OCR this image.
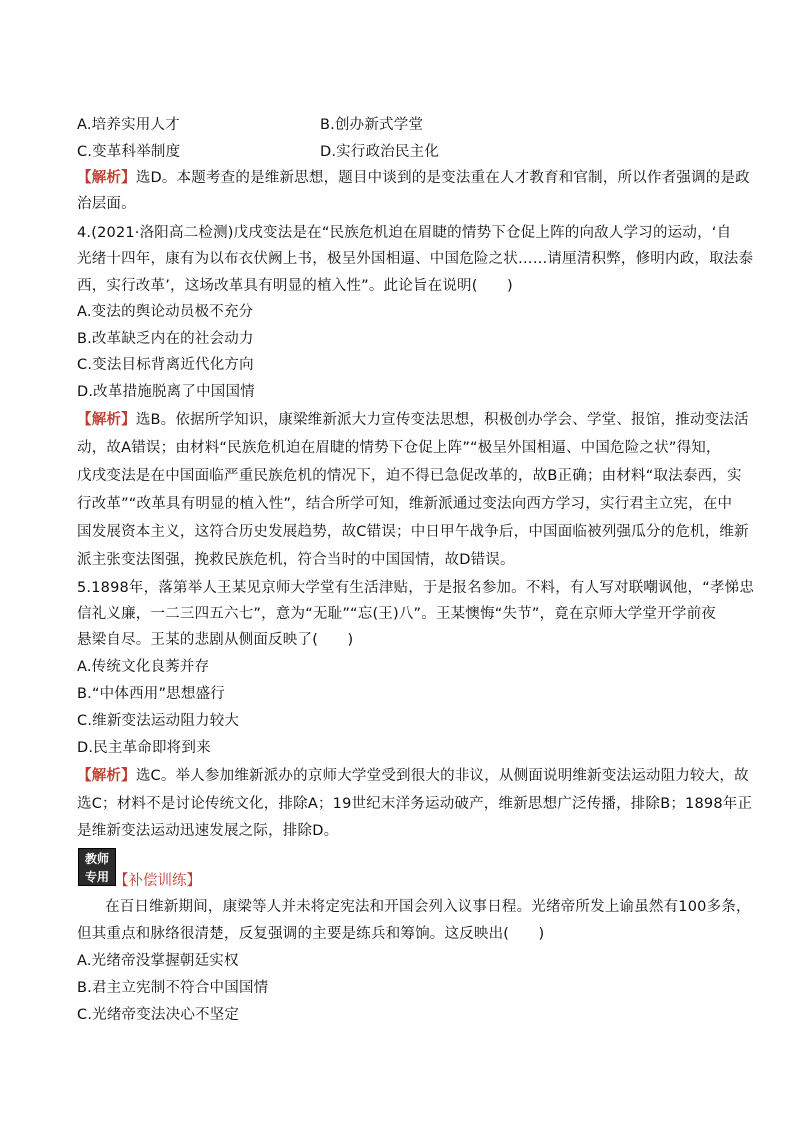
A.培养实用人才	B.创办新式学堂
C.变革科举制度	D.实行政治民主化
【解析】选D。本题考查的是维新思想，题目中谈到的是变法重在人才教育和官制，所以作者强调的是政
治层面。
4.(2021·洛阳高二检测)戊戌变法是在“民族危机迫在眉睫的情势下仓促上阵的向敌人学习的运动，‘自
光绪十四年，康有为以布衣伏阙上书，极呈外国相逼、中国危险之状……请厘清积弊，修明内政，取法泰
西，实行改革’，这场改革具有明显的植入性”。此论旨在说明(　　)
A.变法的舆论动员极不充分
B.改革缺乏内在的社会动力
C.变法目标背离近代化方向
D.改革措施脱离了中国国情
【解析】选B。依据所学知识，康梁维新派大力宣传变法思想，积极创办学会、学堂、报馆，推动变法活
动，故A错误；由材料“民族危机迫在眉睫的情势下仓促上阵”“极呈外国相逼、中国危险之状”得知，
戊戌变法是在中国面临严重民族危机的情况下，迫不得已急促改革的，故B正确；由材料“取法泰西，实
行改革”“改革具有明显的植入性”，结合所学可知，维新派通过变法向西方学习，实行君主立宪，在中
国发展资本主义，这符合历史发展趋势，故C错误；中日甲午战争后，中国面临被列强瓜分的危机，维新
派主张变法图强，挽救民族危机，符合当时的中国国情，故D错误。
5.1898年，落第举人王某见京师大学堂有生活津贴，于是报名参加。不料，有人写对联嘲讽他，“孝悌忠
信礼义廉，一二三四五六七”，意为“无耻”“忘(王)八”。王某懊悔“失节”，竟在京师大学堂开学前夜
悬梁自尽。王某的悲剧从侧面反映了(　　)
A.传统文化良莠并存
B.“中体西用”思想盛行
C.维新变法运动阻力较大
D.民主革命即将到来
【解析】选C。举人参加维新派办的京师大学堂受到很大的非议，从侧面说明维新变法运动阻力较大，故
选C；材料不是讨论传统文化，排除A；19世纪末洋务运动破产，维新思想广泛传播，排除B；1898年正
是维新变法运动迅速发展之际，排除D。
教师
专用 【补偿训练】
在百日维新期间，康梁等人并未将定宪法和开国会列入议事日程。光绪帝所发上谕虽然有100多条，
但其重点和脉络很清楚，反复强调的主要是练兵和筹饷。这反映出(　　)
A.光绪帝没掌握朝廷实权
B.君主立宪制不符合中国国情
C.光绪帝变法决心不坚定
